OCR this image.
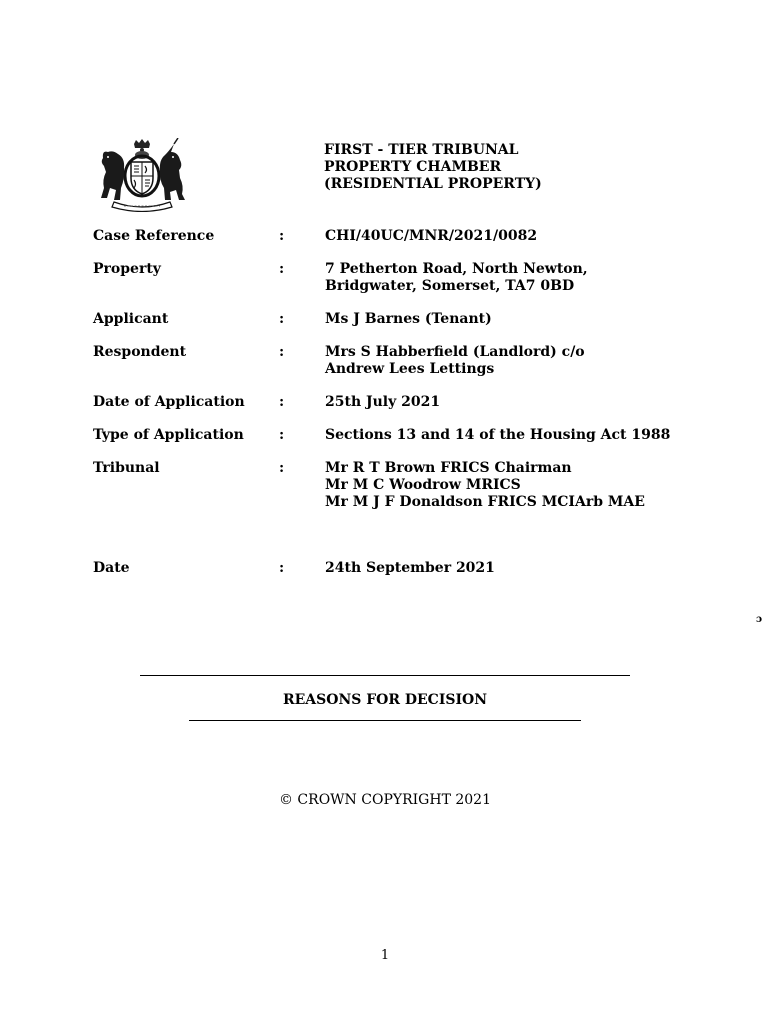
FIRST - TIER TRIBUNAL
PROPERTY CHAMBER
(RESIDENTIAL PROPERTY)
Case Reference	:	CHI/40UC/MNR/2021/0082
Property	:	7 Petherton Road, North Newton,
Bridgwater, Somerset, TA7 0BD
Applicant	:	Ms J Barnes (Tenant)
Respondent	:	Mrs S Habberfield (Landlord) c/o
Andrew Lees Lettings
Date of Application :	25th July 2021
Type of Application	:	Sections 13 and 14 of the Housing Act 1988
Tribunal	:	Mr R T Brown FRICS Chairman
Mr M C Woodrow MRICS
Mr M J F Donaldson FRICS MCIArb MAE
Date	:	24th September 2021
ɔ
REASONS FOR DECISION
© CROWN COPYRIGHT 2021
1
